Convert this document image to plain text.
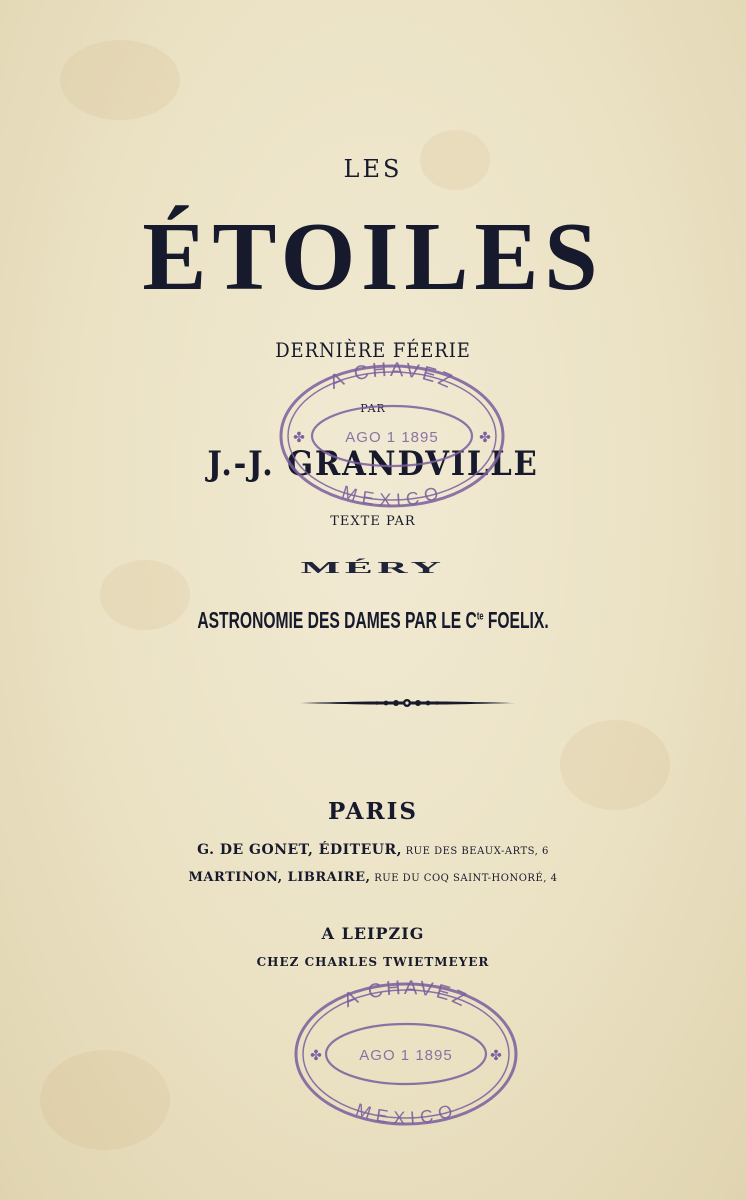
LES
ÉTOILES
DERNIÈRE FÉERIE
PAR
J.-J. GRANDVILLE
TEXTE PAR
MÉRY
ASTRONOMIE DES DAMES PAR LE $C^{te}$ FOELIX.
PARIS
G. DE GONET, ÉDITEUR, RUE DES BEAUX-ARTS, 6
MARTINON, LIBRAIRE, RUE DU COQ SAINT-HONORÉ, 4
A LEIPZIG
CHEZ CHARLES TWIETMEYER
A CHAVEZ
MEXICO
AGO 1 1895
✤	✤
A CHAVEZ
MEXICO
AGO 1 1895
✤	✤
